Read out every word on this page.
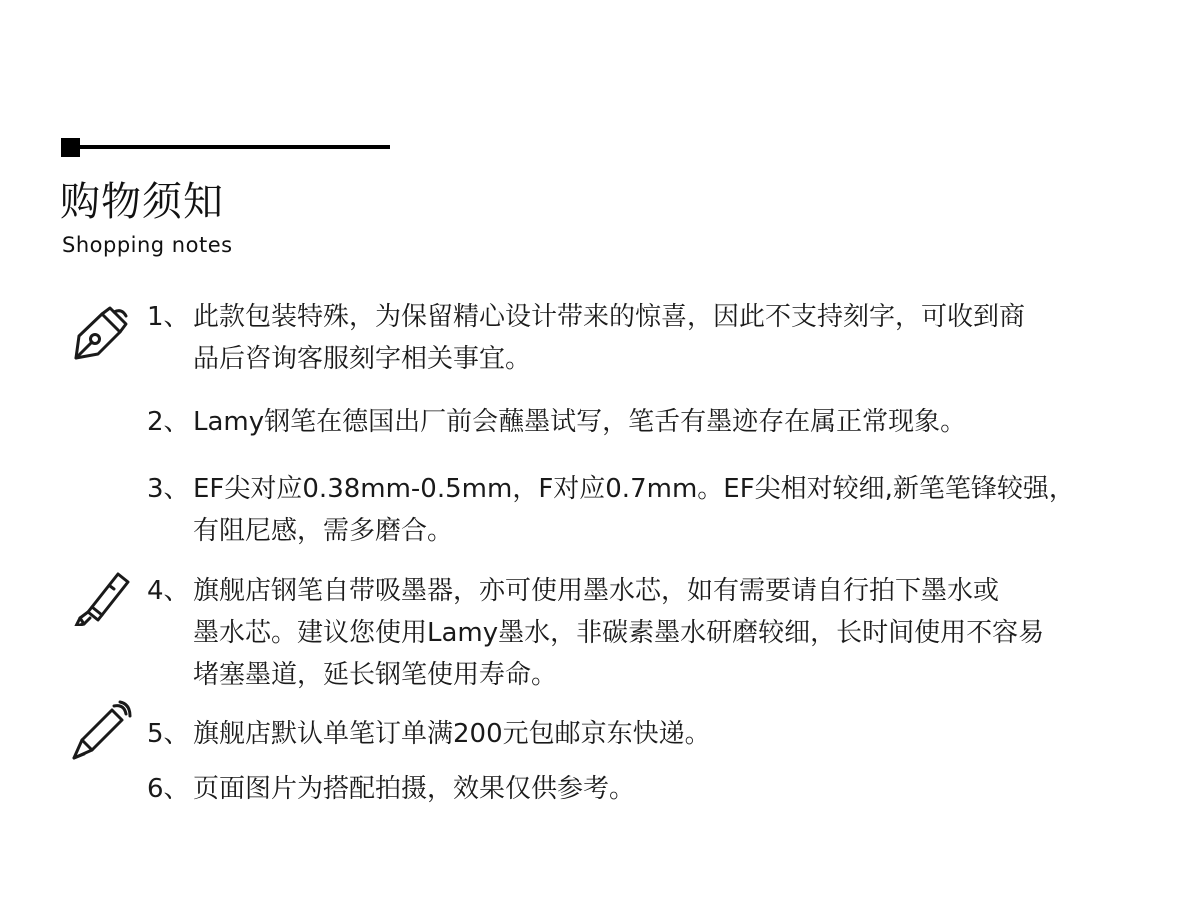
购物须知
Shopping notes
1、 此款包装特殊，为保留精心设计带来的惊喜，因此不支持刻字，可收到商
品后咨询客服刻字相关事宜。
2、 Lamy钢笔在德国出厂前会蘸墨试写，笔舌有墨迹存在属正常现象。
3、 EF尖对应0.38mm-0.5mm，F对应0.7mm。EF尖相对较细,新笔笔锋较强，
有阻尼感，需多磨合。
4、 旗舰店钢笔自带吸墨器，亦可使用墨水芯，如有需要请自行拍下墨水或
墨水芯。建议您使用Lamy墨水，非碳素墨水研磨较细，长时间使用不容易
堵塞墨道，延长钢笔使用寿命。
5、 旗舰店默认单笔订单满200元包邮京东快递。
6、 页面图片为搭配拍摄，效果仅供参考。
